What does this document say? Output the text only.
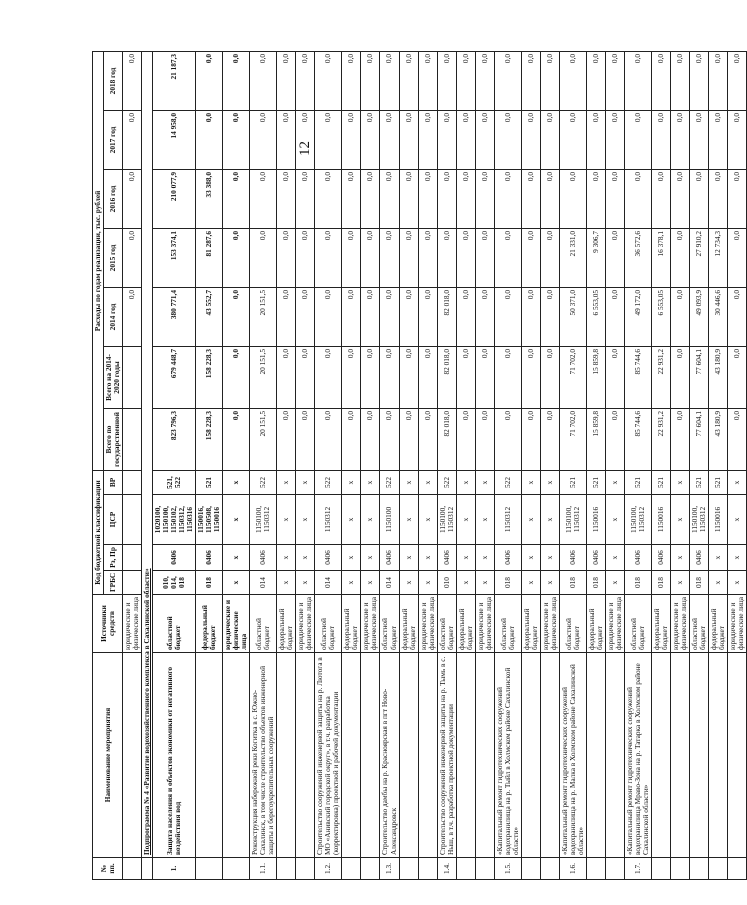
12
№ пп.	Наименование мероприятия	Источники средств	Код бюджетной классификации				Расходы по годам реализации, тыс. рублей						
			ГРБС	Рз, Пр	ЦСР	ВР	Всего по государственной	Всего на 2014-2020 годы	2014 год	2015 год	2016 год	2017 год	2018 год
		юридические и физические лица							0,0	0,0	0,0	0,0	0,0
	Подпрограмма № 4 «Развитие водохозяйственного комплекса в Сахалинской области»												
1.	Защита населения и объектов экономики от негативного воздействия вод	областной бюджет	010, 014, 018	0406	1020100, 1150100, 1150102, 1150312, 1150316	521, 522	823 796,3	679 448,7	380 771,4	153 374,1	210 077,9	14 958,0	21 187,3
		федеральный бюджет	018	0406	1150016, 1150508, 1150016	521	158 228,3	158 228,3	43 552,7	81 287,6	33 388,0	0,0	0,0
		юридические и физические лица	x	x	x	x	0,0	0,0	0,0	0,0	0,0	0,0	0,0
1.1.	Реконструкция набережной реки Когитка в с. Южно-Сахалинск, в том числе строительство объектов инженерной защиты и берегоукрепительных сооружений	областной бюджет	014	0406	1150100, 1150312	522	20 151,5	20 151,5	20 151,5	0,0	0,0	0,0	0,0
		федеральный бюджет	x	x	x	x	0,0	0,0	0,0	0,0	0,0	0,0	0,0
		юридические и физические лица	x	x	x	x	0,0	0,0	0,0	0,0	0,0	0,0	0,0
1.2.	Строительство сооружений инженерной защиты на р. Лютога в МО «Анивский городской округ», в т.ч. разработка (корректировка) проектной и рабочей документации	областной бюджет	014	0406	1150312	522	0,0	0,0	0,0	0,0	0,0	0,0	0,0
		федеральный бюджет	x	x	x	x	0,0	0,0	0,0	0,0	0,0	0,0	0,0
		юридические и физические лица	x	x	x	x	0,0	0,0	0,0	0,0	0,0	0,0	0,0
1.3.	Строительство дамбы на р. Красноярская в пгт Ново-Александровск	областной бюджет	014	0406	1150100	522	0,0	0,0	0,0	0,0	0,0	0,0	0,0
		федеральный бюджет	x	x	x	x	0,0	0,0	0,0	0,0	0,0	0,0	0,0
		юридические и физические лица	x	x	x	x	0,0	0,0	0,0	0,0	0,0	0,0	0,0
1.4.	Строительство сооружений инженерной защиты на р. Тымь в с. Ныш, в т.ч. разработка проектной документации	областной бюджет	010	0406	1150100, 1150312	522	82 018,0	82 018,0	82 018,0	0,0	0,0	0,0	0,0
		федеральный бюджет	x	x	x	x	0,0	0,0	0,0	0,0	0,0	0,0	0,0
		юридические и физические лица	x	x	x	x	0,0	0,0	0,0	0,0	0,0	0,0	0,0
1.5.	«Капитальный ремонт гидротехнических сооружений водохранилища на р. Тыйл в Холмском районе Сахалинской области»	областной бюджет	018	0406	1150312	522	0,0	0,0	0,0	0,0	0,0	0,0	0,0
		федеральный бюджет	x	x	x	x	0,0	0,0	0,0	0,0	0,0	0,0	0,0
		юридические и физические лица	x	x	x	x	0,0	0,0	0,0	0,0	0,0	0,0	0,0
1.6.	«Капитальный ремонт гидротехнических сооружений водохранилища на р. Малка в Холмском районе Сахалинской области»	областной бюджет	018	0406	1150100, 1150312	521	71 702,0	71 702,0	50 371,0	21 331,0	0,0	0,0	0,0
		федеральный бюджет	018	0406	1150016	521	15 859,8	15 859,8	6 553,05	9 306,7	0,0	0,0	0,0
		юридические и физические лица	x	x	x	x	0,0	0,0	0,0	0,0	0,0	0,0	0,0
1.7.	«Капитальный ремонт гидротехнических сооружений водохранилища Мраво-Зона на р. Татарка в Холмском районе Сахалинской области»	областной бюджет	018	0406	1150100, 1150312	521	85 744,6	85 744,6	49 172,0	36 572,6	0,0	0,0	0,0
		федеральный бюджет	018	0406	1150016	521	22 931,2	22 931,2	6 553,05	16 378,1	0,0	0,0	0,0
		юридические и физические лица	x	x	x	x	0,0	0,0	0,0	0,0	0,0	0,0	0,0
		областной бюджет	018	0406	1150100, 1150312	521	77 604,1	77 604,1	49 093,9	27 910,2	0,0	0,0	0,0
		федеральный бюджет	x	x	1150016	521	43 180,9	43 180,9	30 446,6	12 734,3	0,0	0,0	0,0
		юридические и физические лица	x	x	x	x	0,0	0,0	0,0	0,0	0,0	0,0	0,0
